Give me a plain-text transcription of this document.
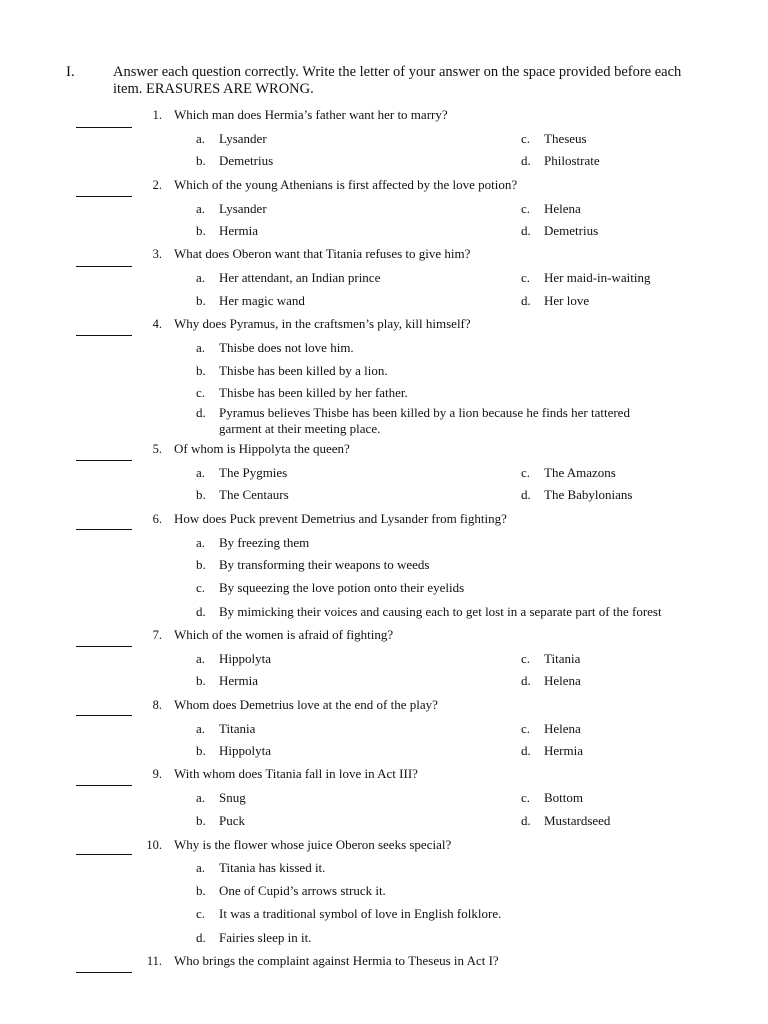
I.	Answer each question correctly. Write the letter of your answer on the space provided before each item. ERASURES ARE WRONG.
1. Which man does Hermia’s father want her to marry?
a.	Lysander
b.	Demetrius
c.	Theseus
d.	Philostrate
2. Which of the young Athenians is first affected by the love potion?
a.	Lysander
b.	Hermia
c.	Helena
d.	Demetrius
3. What does Oberon want that Titania refuses to give him?
a.	Her attendant, an Indian prince
b.	Her magic wand
c.	Her maid-in-waiting
d.	Her love
4. Why does Pyramus, in the craftsmen’s play, kill himself?
a.	Thisbe does not love him.
b.	Thisbe has been killed by a lion.
c.	Thisbe has been killed by her father.
d.	Pyramus believes Thisbe has been killed by a lion because he finds her tattered garment at their meeting place.
5. Of whom is Hippolyta the queen?
a.	The Pygmies
b.	The Centaurs
c.	The Amazons
d.	The Babylonians
6. How does Puck prevent Demetrius and Lysander from fighting?
a.	By freezing them
b.	By transforming their weapons to weeds
c.	By squeezing the love potion onto their eyelids
d.	By mimicking their voices and causing each to get lost in a separate part of the forest
7. Which of the women is afraid of fighting?
a.	Hippolyta
b.	Hermia
c.	Titania
d.	Helena
8. Whom does Demetrius love at the end of the play?
a.	Titania
b.	Hippolyta
c.	Helena
d.	Hermia
9. With whom does Titania fall in love in Act III?
a.	Snug
b.	Puck
c.	Bottom
d.	Mustardseed
10. Why is the flower whose juice Oberon seeks special?
a.	Titania has kissed it.
b.	One of Cupid’s arrows struck it.
c.	It was a traditional symbol of love in English folklore.
d.	Fairies sleep in it.
11. Who brings the complaint against Hermia to Theseus in Act I?
